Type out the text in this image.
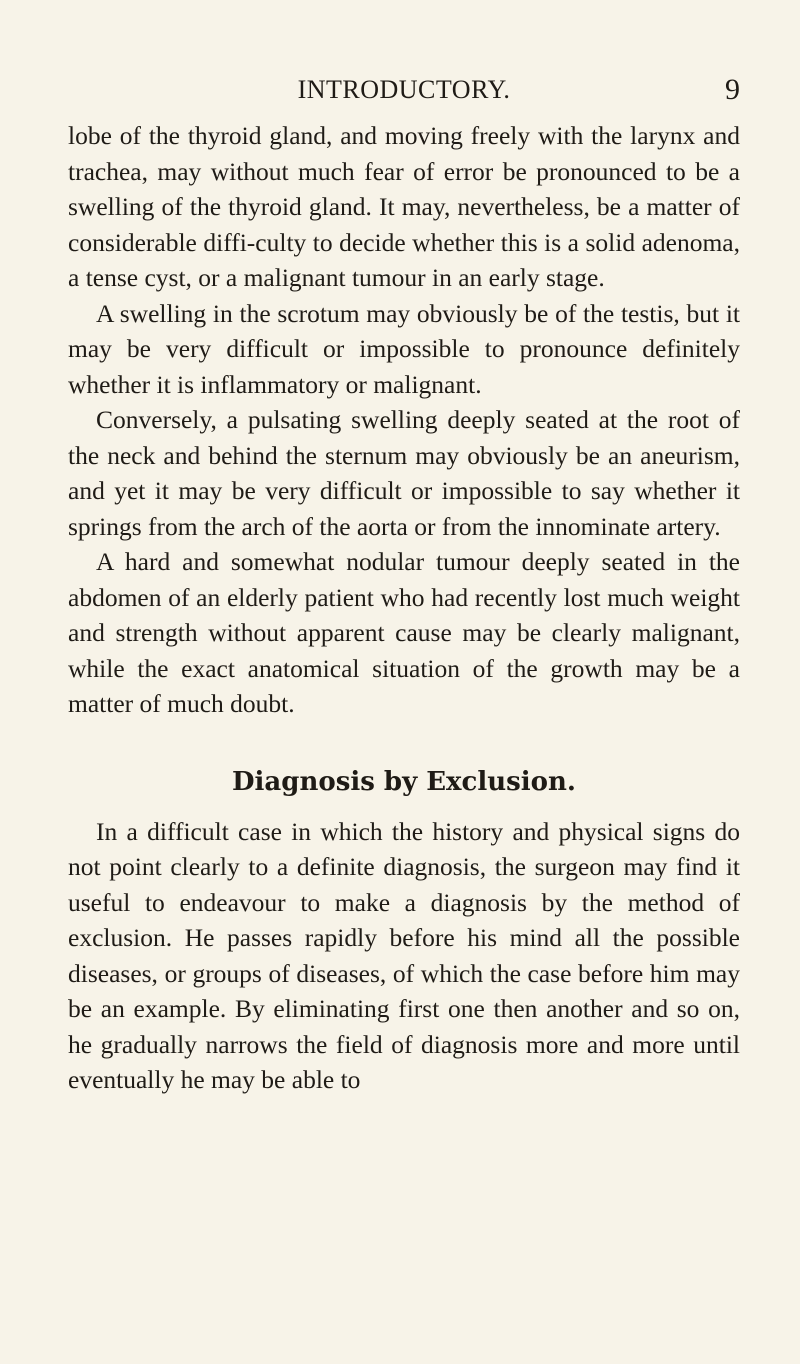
INTRODUCTORY.	9

lobe of the thyroid gland, and moving freely with the larynx and trachea, may without much fear of error be pronounced to be a swelling of the thyroid gland. It may, nevertheless, be a matter of considerable diffi-culty to decide whether this is a solid adenoma, a tense cyst, or a malignant tumour in an early stage.

A swelling in the scrotum may obviously be of the testis, but it may be very difficult or impossible to pronounce definitely whether it is inflammatory or malignant.

Conversely, a pulsating swelling deeply seated at the root of the neck and behind the sternum may obviously be an aneurism, and yet it may be very difficult or impossible to say whether it springs from the arch of the aorta or from the innominate artery.

A hard and somewhat nodular tumour deeply seated in the abdomen of an elderly patient who had recently lost much weight and strength without apparent cause may be clearly malignant, while the exact anatomical situation of the growth may be a matter of much doubt.

Diagnosis by Exclusion.

In a difficult case in which the history and physical signs do not point clearly to a definite diagnosis, the surgeon may find it useful to endeavour to make a diagnosis by the method of exclusion. He passes rapidly before his mind all the possible diseases, or groups of diseases, of which the case before him may be an example. By eliminating first one then another and so on, he gradually narrows the field of diagnosis more and more until eventually he may be able to
